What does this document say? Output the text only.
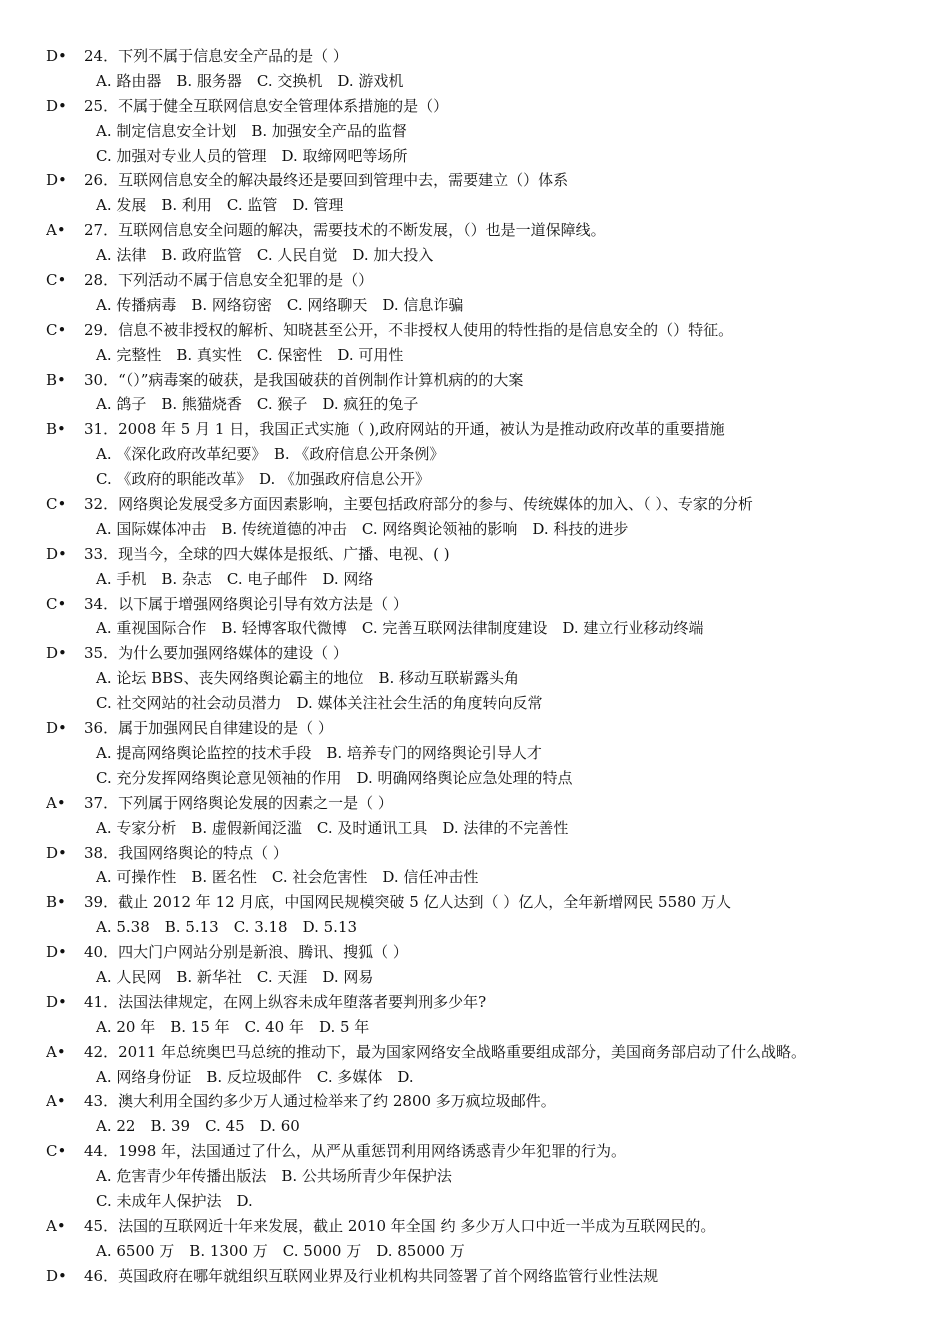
D• 24．下列不属于信息安全产品的是（ ）
A. 路由器　B. 服务器　C. 交换机　D. 游戏机
D• 25．不属于健全互联网信息安全管理体系措施的是（）
A. 制定信息安全计划　B. 加强安全产品的监督
C. 加强对专业人员的管理　D. 取缔网吧等场所
D• 26．互联网信息安全的解决最终还是要回到管理中去，需要建立（）体系
A. 发展　B. 利用　C. 监管　D. 管理
A• 27．互联网信息安全问题的解决，需要技术的不断发展，（）也是一道保障线。
A. 法律　B. 政府监管　C. 人民自觉　D. 加大投入
C• 28．下列活动不属于信息安全犯罪的是（）
A. 传播病毒　B. 网络窃密　C. 网络聊天　D. 信息诈骗
C• 29．信息不被非授权的解析、知晓甚至公开，不非授权人使用的特性指的是信息安全的（）特征。
A. 完整性　B. 真实性　C. 保密性　D. 可用性
B• 30．“（）”病毒案的破获，是我国破获的首例制作计算机病的的大案
A. 鸽子　B. 熊猫烧香　C. 猴子　D. 疯狂的兔子
B• 31．2008 年 5 月 1 日，我国正式实施（ ),政府网站的开通，被认为是推动政府改革的重要措施
A. 《深化政府改革纪要》　B. 《政府信息公开条例》
C. 《政府的职能改革》　D. 《加强政府信息公开》
C• 32．网络舆论发展受多方面因素影响，主要包括政府部分的参与、传统媒体的加入、（ ）、专家的分析
A. 国际媒体冲击　B. 传统道德的冲击　C. 网络舆论领袖的影响　D. 科技的进步
D• 33．现当今，全球的四大媒体是报纸、广播、电视、( )
A. 手机　B. 杂志　C. 电子邮件　D. 网络
C• 34．以下属于增强网络舆论引导有效方法是（ ）
A. 重视国际合作　B. 轻博客取代微博　C. 完善互联网法律制度建设　D. 建立行业移动终端
D• 35．为什么要加强网络媒体的建设（ ）
A. 论坛 BBS、丧失网络舆论霸主的地位　B. 移动互联崭露头角
C. 社交网站的社会动员潜力　D. 媒体关注社会生活的角度转向反常
D• 36．属于加强网民自律建设的是（ ）
A. 提高网络舆论监控的技术手段　B. 培养专门的网络舆论引导人才
C. 充分发挥网络舆论意见领袖的作用　D. 明确网络舆论应急处理的特点
A• 37．下列属于网络舆论发展的因素之一是（ ）
A. 专家分析　B. 虚假新闻泛滥　C. 及时通讯工具　D. 法律的不完善性
D• 38．我国网络舆论的特点（ ）
A. 可操作性　B. 匿名性　C. 社会危害性　D. 信任冲击性
B• 39．截止 2012 年 12 月底，中国网民规模突破 5 亿人达到（ ）亿人，全年新增网民 5580 万人
A. 5.38　B. 5.13　C. 3.18　D. 5.13
D• 40．四大门户网站分别是新浪、腾讯、搜狐（ ）
A. 人民网　B. 新华社　C. 天涯　D. 网易
D• 41．法国法律规定，在网上纵容未成年堕落者要判刑多少年?
A. 20 年　B. 15 年　C. 40 年　D. 5 年
A• 42．2011 年总统奥巴马总统的推动下，最为国家网络安全战略重要组成部分，美国商务部启动了什么战略。
A. 网络身份证　B. 反垃圾邮件　C. 多媒体　D.
A• 43．澳大利用全国约多少万人通过检举来了约 2800 多万疯垃圾邮件。
A. 22　B. 39　C. 45　D. 60
C• 44．1998 年，法国通过了什么，从严从重惩罚利用网络诱惑青少年犯罪的行为。
A. 危害青少年传播出版法　B. 公共场所青少年保护法
C. 未成年人保护法　D.
A• 45．法国的互联网近十年来发展，截止 2010 年全国 约 多少万人口中近一半成为互联网民的。
A. 6500 万　B. 1300 万　C. 5000 万　D. 85000 万
D• 46．英国政府在哪年就组织互联网业界及行业机构共同签署了首个网络监管行业性法规
